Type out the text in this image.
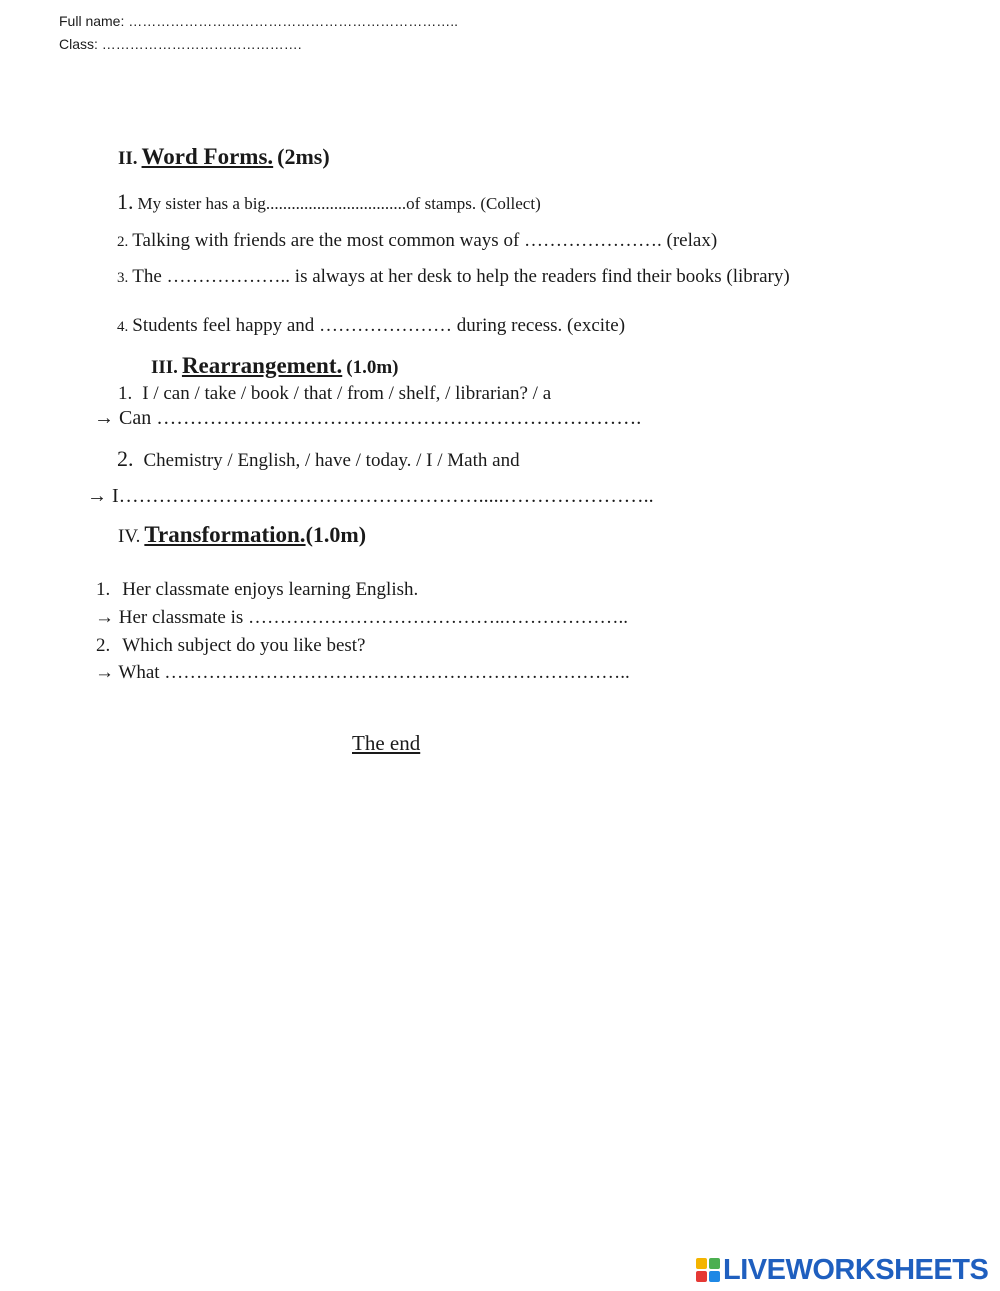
Full name: ……………………………………………………………..
Class: …………………………………….
II. Word Forms. (2ms)
1. My sister has a big.................................of stamps. (Collect)
2. Talking with friends are the most common ways of …………………. (relax)
3. The ……………….. is always at her desk to help the readers find their books (library)
4. Students feel happy and ………………… during recess. (excite)
III. Rearrangement. (1.0m)
1. I / can / take / book / that / from / shelf, / librarian? / a
→ Can ……………………………………………………………….
2. Chemistry / English, / have / today. / I / Math and
→ I……………………………………………….....…………………..
IV. Transformation.(1.0m)
1. Her classmate enjoys learning English.
→ Her classmate is …………………………………..………………..
2. Which subject do you like best?
→ What ………………………………………………………………..
The end
LIVEWORKSHEETS
